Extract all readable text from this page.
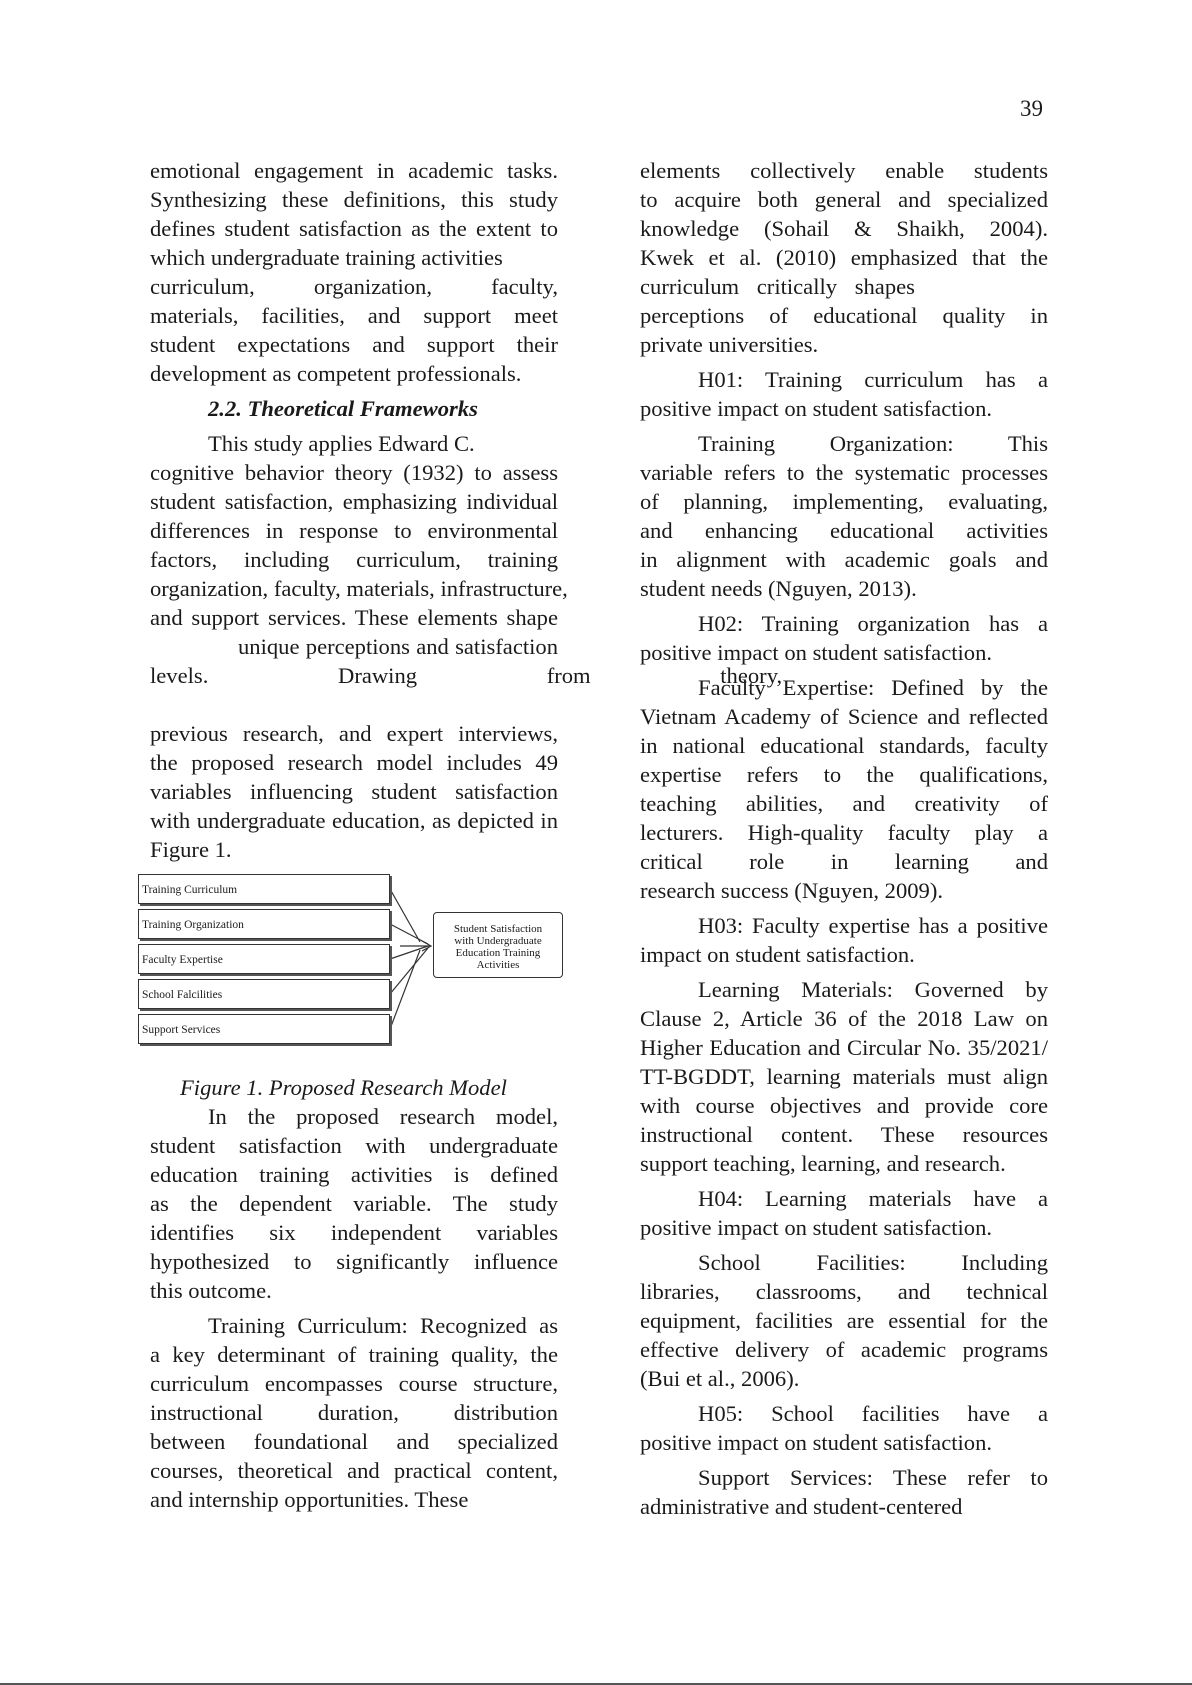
39
emotional engagement in academic tasks.
Synthesizing these definitions, this study
defines student satisfaction as the extent to
which undergraduate training activities
curriculum, organization, faculty,
materials, facilities, and support meet
student expectations and support their
development as competent professionals.
2.2. Theoretical Frameworks
This study applies Edward C.
cognitive behavior theory (1932) to assess
student satisfaction, emphasizing individual
differences in response to environmental
factors, including curriculum, training
organization, faculty, materials, infrastructure,
and support services. These elements shape
unique perceptions and satisfaction
levels. Drawing from theory,
previous research, and expert interviews,
the proposed research model includes 49
variables influencing student satisfaction
with undergraduate education, as depicted in
Figure 1.
Training Curriculum
Training Organization
Faculty Expertise
School Falcilities
Support Services
Student Satisfaction
with Undergraduate
Education Training
Activities
Figure 1. Proposed Research Model
In the proposed research model,
student satisfaction with undergraduate
education training activities is defined
as the dependent variable. The study
identifies six independent variables
hypothesized to significantly influence
this outcome.
Training Curriculum: Recognized as
a key determinant of training quality, the
curriculum encompasses course structure,
instructional duration, distribution
between foundational and specialized
courses, theoretical and practical content,
and internship opportunities. These
elements collectively enable students
to acquire both general and specialized
knowledge (Sohail & Shaikh, 2004).
Kwek et al. (2010) emphasized that the
curriculum critically shapes
perceptions of educational quality in
private universities.
H01: Training curriculum has a
positive impact on student satisfaction.
Training Organization: This
variable refers to the systematic processes
of planning, implementing, evaluating,
and enhancing educational activities
in alignment with academic goals and
student needs (Nguyen, 2013).
H02: Training organization has a
positive impact on student satisfaction.
Faculty Expertise: Defined by the
Vietnam Academy of Science and reflected
in national educational standards, faculty
expertise refers to the qualifications,
teaching abilities, and creativity of
lecturers. High-quality faculty play a
critical role in learning and
research success (Nguyen, 2009).
H03: Faculty expertise has a positive
impact on student satisfaction.
Learning Materials: Governed by
Clause 2, Article 36 of the 2018 Law on
Higher Education and Circular No. 35/2021/
TT-BGDDT, learning materials must align
with course objectives and provide core
instructional content. These resources
support teaching, learning, and research.
H04: Learning materials have a
positive impact on student satisfaction.
School Facilities: Including
libraries, classrooms, and technical
equipment, facilities are essential for the
effective delivery of academic programs
(Bui et al., 2006).
H05: School facilities have a
positive impact on student satisfaction.
Support Services: These refer to
administrative and student-centered
